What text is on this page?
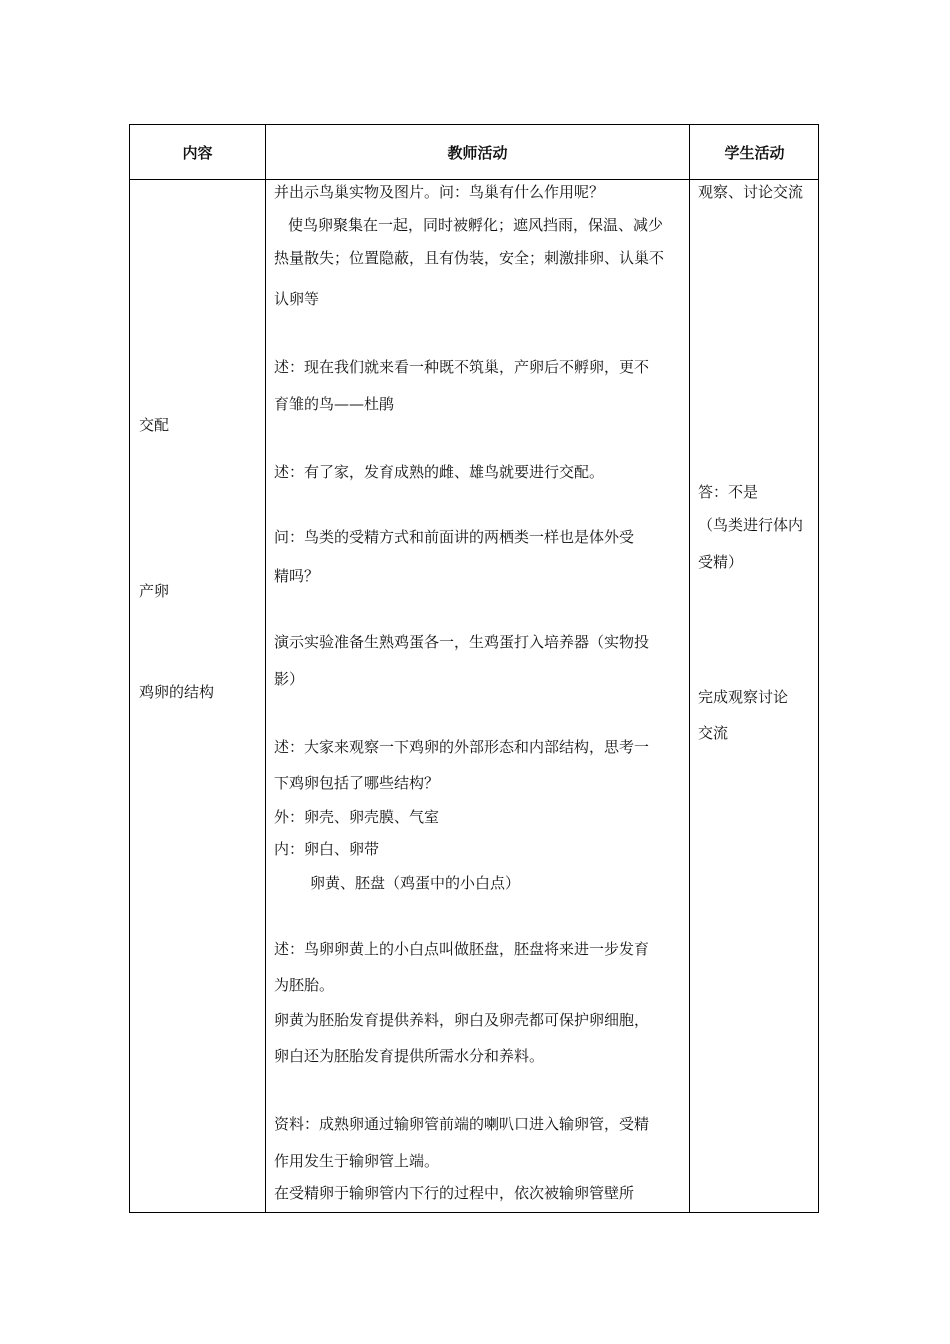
内容	教师活动	学生活动
交配
产卵
鸡卵的结构
并出示鸟巢实物及图片。问：鸟巢有什么作用呢？
使鸟卵聚集在一起，同时被孵化；遮风挡雨，保温、减少
热量散失；位置隐蔽，且有伪装，安全；刺激排卵、认巢不
认卵等
述：现在我们就来看一种既不筑巢，产卵后不孵卵，更不
育雏的鸟——杜鹃
述：有了家，发育成熟的雌、雄鸟就要进行交配。
问：鸟类的受精方式和前面讲的两栖类一样也是体外受
精吗？
演示实验准备生熟鸡蛋各一，生鸡蛋打入培养器（实物投
影）
述：大家来观察一下鸡卵的外部形态和内部结构，思考一
下鸡卵包括了哪些结构？
外：卵壳、卵壳膜、气室
内：卵白、卵带
卵黄、胚盘（鸡蛋中的小白点）
述：鸟卵卵黄上的小白点叫做胚盘，胚盘将来进一步发育
为胚胎。
卵黄为胚胎发育提供养料，卵白及卵壳都可保护卵细胞，
卵白还为胚胎发育提供所需水分和养料。
资料：成熟卵通过输卵管前端的喇叭口进入输卵管，受精
作用发生于输卵管上端。
在受精卵于输卵管内下行的过程中，依次被输卵管壁所
观察、讨论交流
答：不是
（鸟类进行体内
受精）
完成观察讨论
交流
